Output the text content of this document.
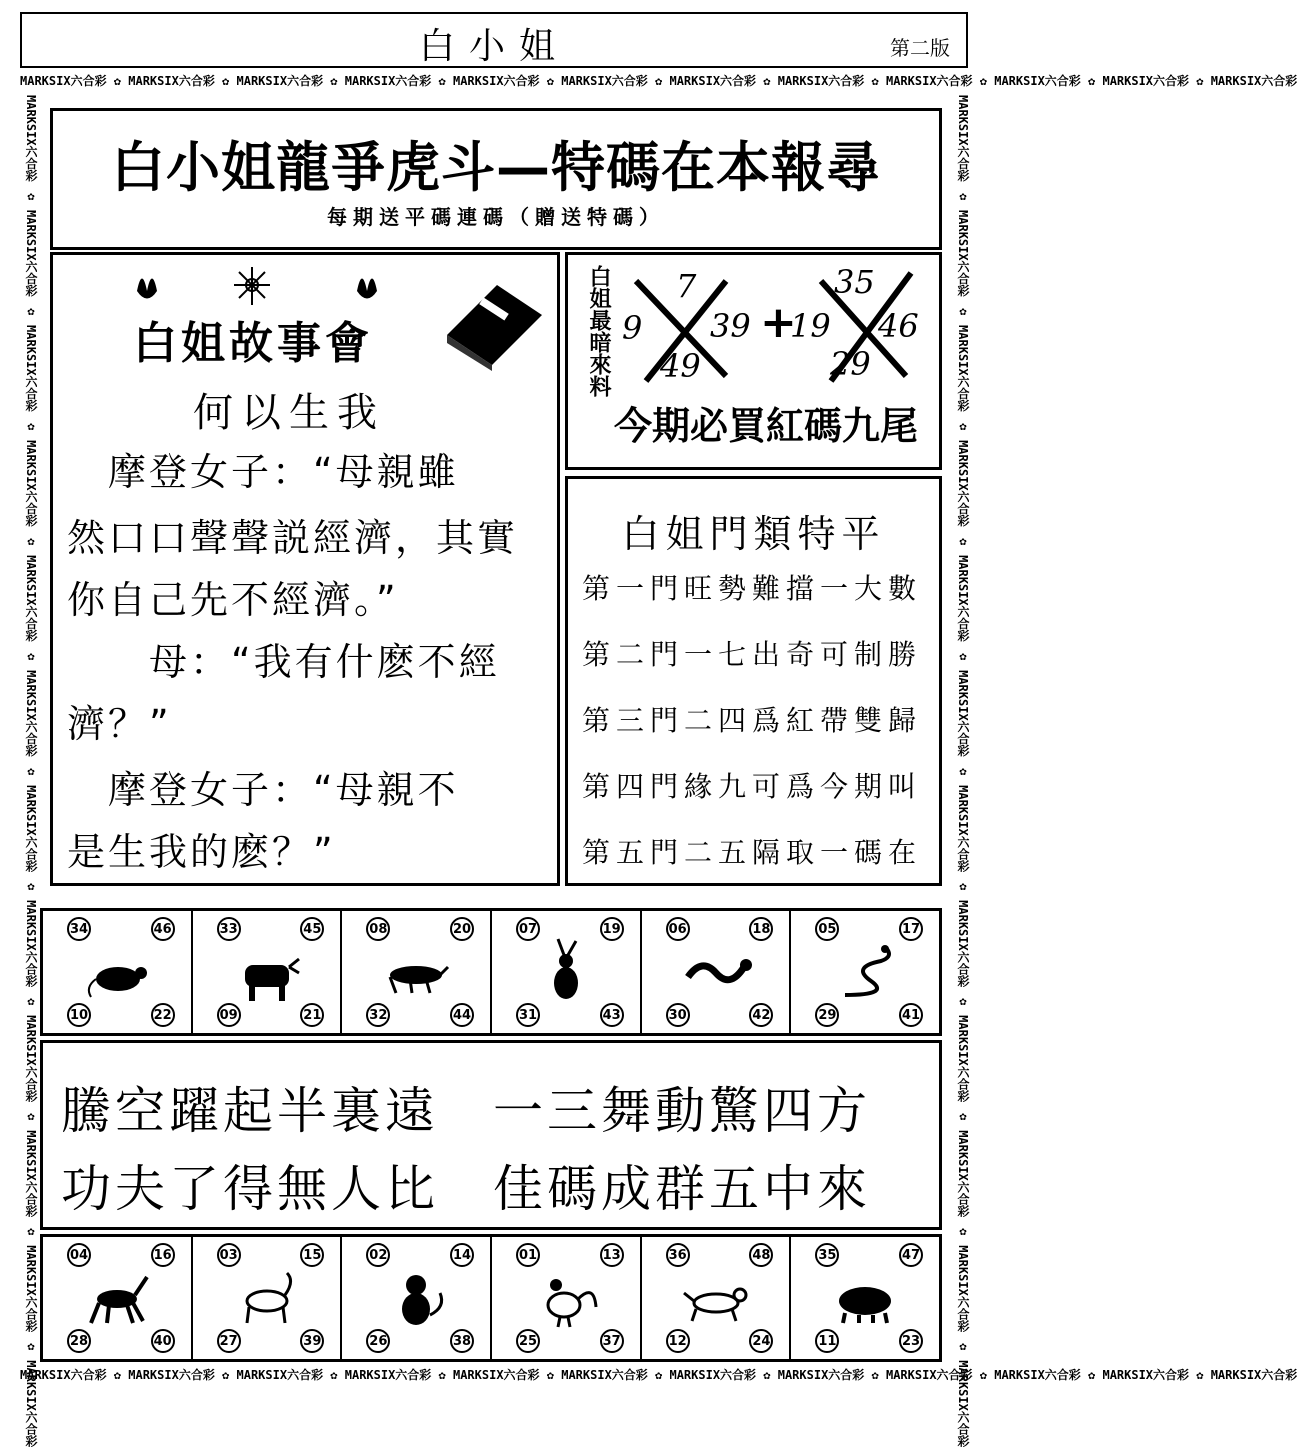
白小姐	第二版
MARKSIX六合彩 ✿ MARKSIX六合彩 ✿ MARKSIX六合彩 ✿ MARKSIX六合彩 ✿ MARKSIX六合彩 ✿ MARKSIX六合彩 ✿ MARKSIX六合彩 ✿ MARKSIX六合彩 ✿ MARKSIX六合彩 ✿ MARKSIX六合彩 ✿ MARKSIX六合彩 ✿ MARKSIX六合彩
MARKSIX六合彩 ✿ MARKSIX六合彩 ✿ MARKSIX六合彩 ✿ MARKSIX六合彩 ✿ MARKSIX六合彩 ✿ MARKSIX六合彩 ✿ MARKSIX六合彩 ✿ MARKSIX六合彩 ✿ MARKSIX六合彩 ✿ MARKSIX六合彩 ✿ MARKSIX六合彩 ✿ MARKSIX六合彩
MARKSIX六合彩 ✿ MARKSIX六合彩 ✿ MARKSIX六合彩 ✿ MARKSIX六合彩 ✿ MARKSIX六合彩 ✿ MARKSIX六合彩 ✿ MARKSIX六合彩 ✿ MARKSIX六合彩 ✿ MARKSIX六合彩 ✿ MARKSIX六合彩 ✿ MARKSIX六合彩 ✿ MARKSIX六合彩	MARKSIX六合彩 ✿ MARKSIX六合彩 ✿ MARKSIX六合彩 ✿ MARKSIX六合彩 ✿ MARKSIX六合彩 ✿ MARKSIX六合彩 ✿ MARKSIX六合彩 ✿ MARKSIX六合彩 ✿ MARKSIX六合彩 ✿ MARKSIX六合彩 ✿ MARKSIX六合彩 ✿ MARKSIX六合彩
白小姐龍爭虎斗—特碼在本報尋
每期送平碼連碼（贈送特碼）
白姐故事會
何以生我
　摩登女子：“母親雖
然口口聲聲説經濟，其實
你自己先不經濟。”
　　母：“我有什麽不經
濟？”
　摩登女子：“母親不
是生我的麽？”
白姐最暗來料 7
9 39
49
+
35
19 46
29
今期必買紅碼九尾
白姐門類特平
第一門旺勢難擋一大數
第二門一七出奇可制勝
第三門二四爲紅帶雙歸
第四門緣九可爲今期叫
第五門二五隔取一碼在
34	46
10	22
33	45
09	21
08	20
32	44
07	19
31	43
06	18
30	42
05	17
29	41
騰空躍起半裏遠　一三舞動驚四方
功夫了得無人比　佳碼成群五中來
04	16
28	40
03	15
27	39
02	14
26	38
01	13
25	37
36	48
12	24
35	47
11	23
